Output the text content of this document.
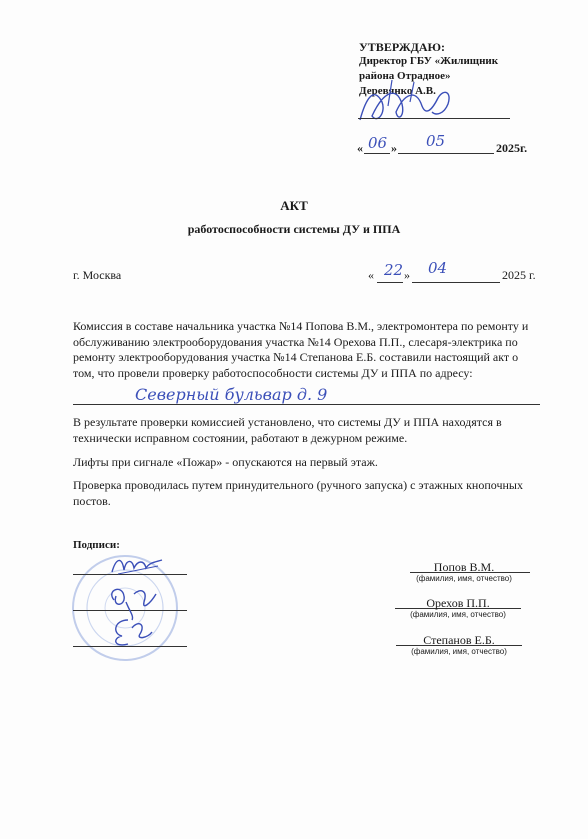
УТВЕРЖДАЮ:
Директор ГБУ «Жилищник
района Отрадное»
Деревянко А.В.
« 06 » 05	2025г.
АКТ
работоспособности системы ДУ и ППА
г. Москва	« 22 » 04	2025 г.
Комиссия в составе начальника участка №14 Попова В.М., электромонтера по ремонту и
обслуживанию электрооборудования участка №14 Орехова П.П., слесаря-электрика по
ремонту электрооборудования участка №14 Степанова Е.Б. составили настоящий акт о
том, что провели проверку работоспособности системы ДУ и ППА по адресу:
Северный бульвар д. 9
В результате проверки комиссией установлено, что системы ДУ и ППА находятся в
технически исправном состоянии, работают в дежурном режиме.
Лифты при сигнале «Пожар» - опускаются на первый этаж.
Проверка проводилась путем принудительного (ручного запуска) с этажных кнопочных
постов.
Подписи:
Попов В.М.
(фамилия, имя, отчество)
Орехов П.П.
(фамилия, имя, отчество)
Степанов Е.Б.
(фамилия, имя, отчество)
